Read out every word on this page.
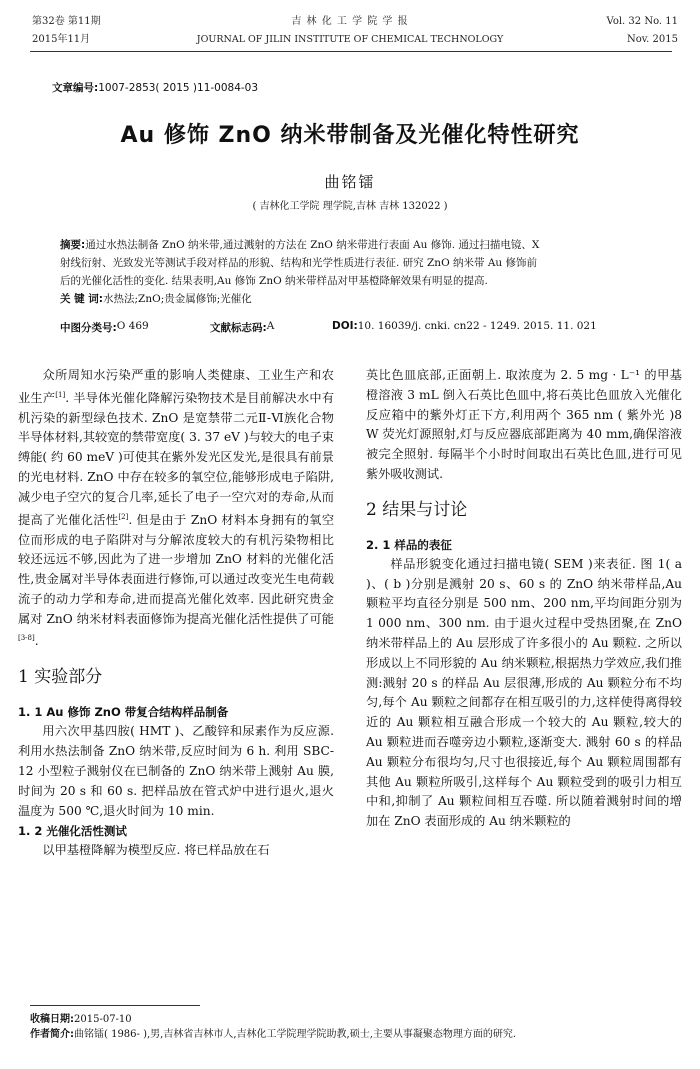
第32卷 第11期
2015年11月
吉 林 化 工 学 院 学 报
JOURNAL OF JILIN INSTITUTE OF CHEMICAL TECHNOLOGY
Vol. 32 No. 11
Nov. 2015
文章编号:1007-2853( 2015 )11-0084-03
Au 修饰 ZnO 纳米带制备及光催化特性研究
曲铭镭
( 吉林化工学院 理学院,吉林 吉林 132022 )
摘要:通过水热法制备 ZnO 纳米带,通过溅射的方法在 ZnO 纳米带进行表面 Au 修饰. 通过扫描电镜、X
射线衍射、光致发光等测试手段对样品的形貌、结构和光学性质进行表征. 研究 ZnO 纳米带 Au 修饰前
后的光催化活性的变化. 结果表明,Au 修饰 ZnO 纳米带样品对甲基橙降解效果有明显的提高.
关 键 词:水热法;ZnO;贵金属修饰;光催化
中图分类号: O 469	文献标志码: A	DOI: 10. 16039/j. cnki. cn22 - 1249. 2015. 11. 021

众所周知水污染严重的影响人类健康、工业生产和农业生产[1]. 半导体光催化降解污染物技术是目前解决水中有机污染的新型绿色技术. ZnO 是宽禁带二元Ⅱ-Ⅵ族化合物半导体材料,其较宽的禁带宽度( 3. 37 eV )与较大的电子束缚能( 约 60 meV )可使其在紫外发光区发光,是很具有前景的光电材料. ZnO 中存在较多的氧空位,能够形成电子陷阱,减少电子空穴的复合几率,延长了电子一空穴对的寿命,从而提高了光催化活性[2]. 但是由于 ZnO 材料本身拥有的氧空位而形成的电子陷阱对与分解浓度较大的有机污染物相比较还远远不够,因此为了进一步增加 ZnO 材料的光催化活性,贵金属对半导体表面进行修饰,可以通过改变光生电荷载流子的动力学和寿命,进而提高光催化效率. 因此研究贵金属对 ZnO 纳米材料表面修饰为提高光催化活性提供了可能[3-8].

1 实验部分
1. 1 Au 修饰 ZnO 带复合结构样品制备

用六次甲基四胺( HMT )、乙酸锌和尿素作为反应源. 利用水热法制备 ZnO 纳米带,反应时间为 6 h. 利用 SBC-12 小型粒子溅射仪在已制备的 ZnO 纳米带上溅射 Au 膜,时间为 20 s 和 60 s. 把样品放在管式炉中进行退火,退火温度为 500 ℃,退火时间为 10 min.

1. 2 光催化活性测试

以甲基橙降解为模型反应. 将已样品放在石

英比色皿底部,正面朝上. 取浓度为 2. 5 mg · L⁻¹ 的甲基橙溶液 3 mL 倒入石英比色皿中,将石英比色皿放入光催化反应箱中的紫外灯正下方,利用两个 365 nm ( 紫外光 )8 W 荧光灯源照射,灯与反应器底部距离为 40 mm,确保溶液被完全照射. 每隔半个小时时间取出石英比色皿,进行可见紫外吸收测试.

2 结果与讨论
2. 1 样品的表征

样品形貌变化通过扫描电镜( SEM )来表征. 图 1( a )、( b )分别是溅射 20 s、60 s 的 ZnO 纳米带样品,Au 颗粒平均直径分别是 500 nm、200 nm,平均间距分别为 1 000 nm、300 nm. 由于退火过程中受热团聚,在 ZnO 纳米带样品上的 Au 层形成了许多很小的 Au 颗粒. 之所以形成以上不同形貌的 Au 纳米颗粒,根据热力学效应,我们推测:溅射 20 s 的样品 Au 层很薄,形成的 Au 颗粒分布不均匀,每个 Au 颗粒之间都存在相互吸引的力,这样使得离得较近的 Au 颗粒相互融合形成一个较大的 Au 颗粒,较大的 Au 颗粒进而吞噬旁边小颗粒,逐渐变大. 溅射 60 s 的样品 Au 颗粒分布很均匀,尺寸也很接近,每个 Au 颗粒周围都有其他 Au 颗粒所吸引,这样每个 Au 颗粒受到的吸引力相互中和,抑制了 Au 颗粒间相互吞噬. 所以随着溅射时间的增加在 ZnO 表面形成的 Au 纳米颗粒的

收稿日期:2015-07-10
作者简介:曲铭镭( 1986- ),男,吉林省吉林市人,吉林化工学院理学院助教,硕士,主要从事凝聚态物理方面的研究.
